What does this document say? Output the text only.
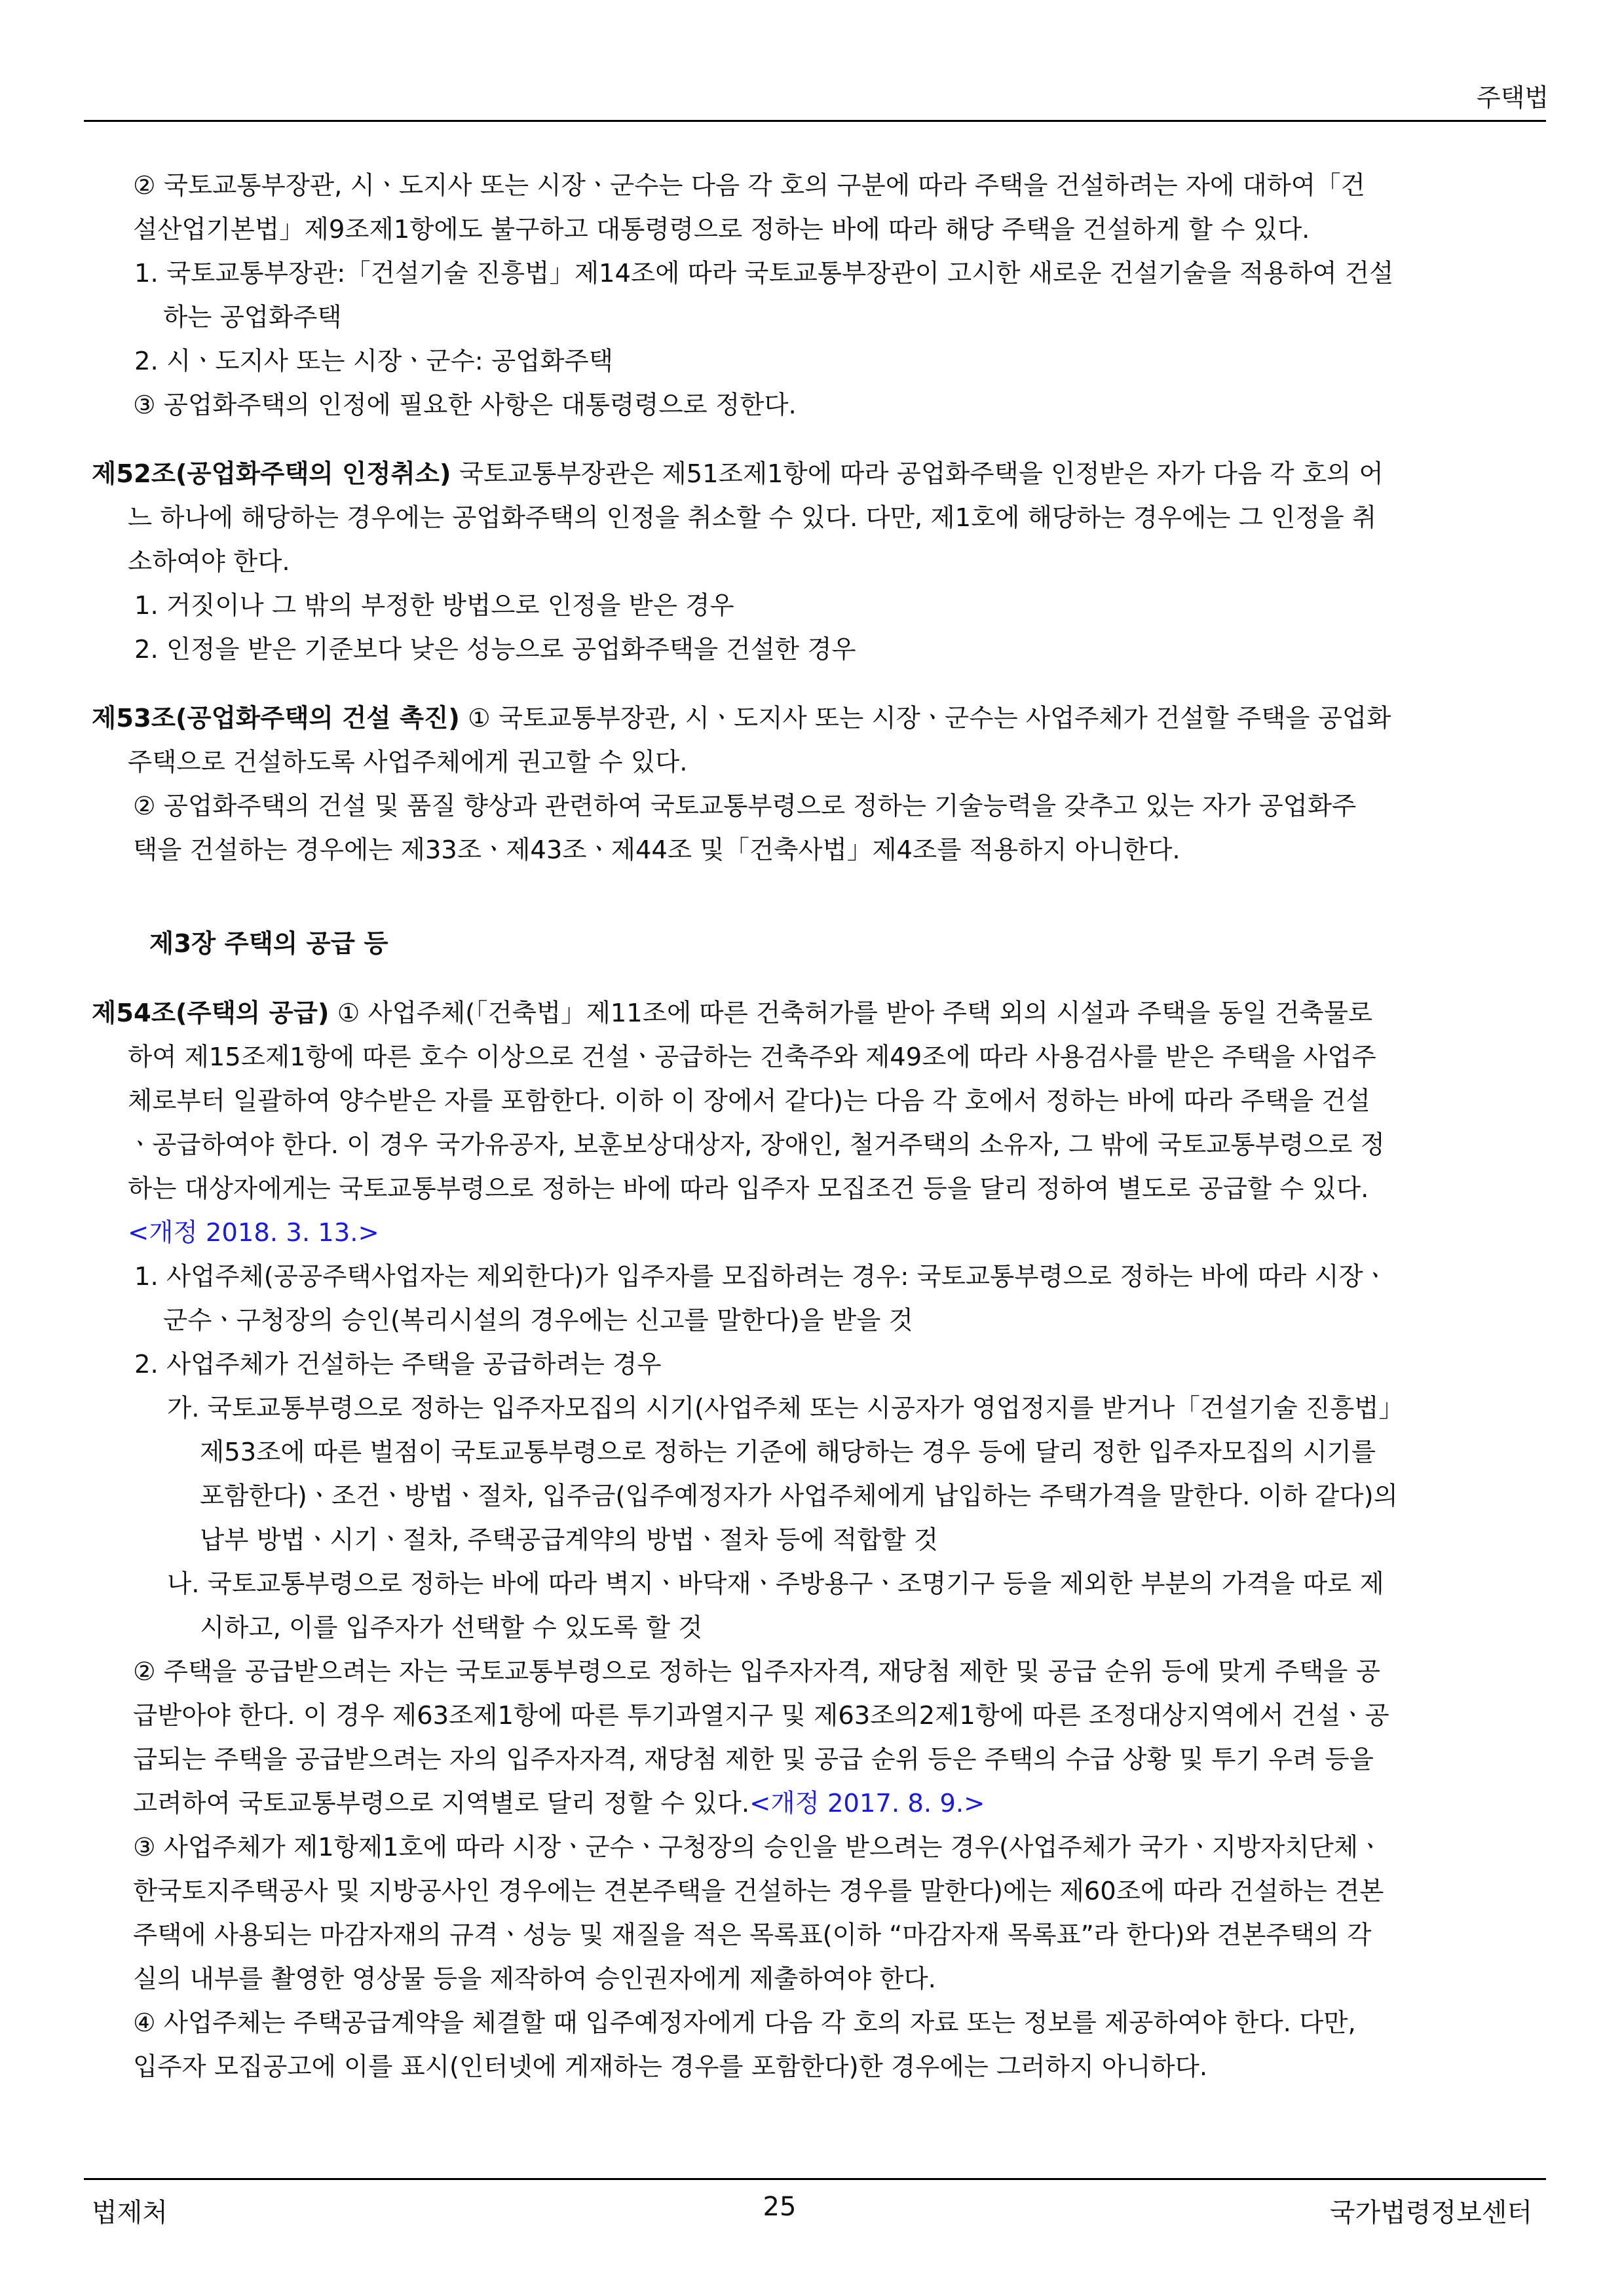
주택법
② 국토교통부장관, 시ㆍ도지사 또는 시장ㆍ군수는 다음 각 호의 구분에 따라 주택을 건설하려는 자에 대하여「건
설산업기본법」제9조제1항에도 불구하고 대통령령으로 정하는 바에 따라 해당 주택을 건설하게 할 수 있다.
1. 국토교통부장관:「건설기술 진흥법」제14조에 따라 국토교통부장관이 고시한 새로운 건설기술을 적용하여 건설
하는 공업화주택
2. 시ㆍ도지사 또는 시장ㆍ군수: 공업화주택
③ 공업화주택의 인정에 필요한 사항은 대통령령으로 정한다.
제52조(공업화주택의 인정취소) 국토교통부장관은 제51조제1항에 따라 공업화주택을 인정받은 자가 다음 각 호의 어
느 하나에 해당하는 경우에는 공업화주택의 인정을 취소할 수 있다. 다만, 제1호에 해당하는 경우에는 그 인정을 취
소하여야 한다.
1. 거짓이나 그 밖의 부정한 방법으로 인정을 받은 경우
2. 인정을 받은 기준보다 낮은 성능으로 공업화주택을 건설한 경우
제53조(공업화주택의 건설 촉진) ① 국토교통부장관, 시ㆍ도지사 또는 시장ㆍ군수는 사업주체가 건설할 주택을 공업화
주택으로 건설하도록 사업주체에게 권고할 수 있다.
② 공업화주택의 건설 및 품질 향상과 관련하여 국토교통부령으로 정하는 기술능력을 갖추고 있는 자가 공업화주
택을 건설하는 경우에는 제33조ㆍ제43조ㆍ제44조 및「건축사법」제4조를 적용하지 아니한다.
제3장 주택의 공급 등
제54조(주택의 공급) ① 사업주체(「건축법」제11조에 따른 건축허가를 받아 주택 외의 시설과 주택을 동일 건축물로
하여 제15조제1항에 따른 호수 이상으로 건설ㆍ공급하는 건축주와 제49조에 따라 사용검사를 받은 주택을 사업주
체로부터 일괄하여 양수받은 자를 포함한다. 이하 이 장에서 같다)는 다음 각 호에서 정하는 바에 따라 주택을 건설
ㆍ공급하여야 한다. 이 경우 국가유공자, 보훈보상대상자, 장애인, 철거주택의 소유자, 그 밖에 국토교통부령으로 정
하는 대상자에게는 국토교통부령으로 정하는 바에 따라 입주자 모집조건 등을 달리 정하여 별도로 공급할 수 있다.
<개정 2018. 3. 13.>
1. 사업주체(공공주택사업자는 제외한다)가 입주자를 모집하려는 경우: 국토교통부령으로 정하는 바에 따라 시장ㆍ
군수ㆍ구청장의 승인(복리시설의 경우에는 신고를 말한다)을 받을 것
2. 사업주체가 건설하는 주택을 공급하려는 경우
가. 국토교통부령으로 정하는 입주자모집의 시기(사업주체 또는 시공자가 영업정지를 받거나「건설기술 진흥법」
제53조에 따른 벌점이 국토교통부령으로 정하는 기준에 해당하는 경우 등에 달리 정한 입주자모집의 시기를
포함한다)ㆍ조건ㆍ방법ㆍ절차, 입주금(입주예정자가 사업주체에게 납입하는 주택가격을 말한다. 이하 같다)의
납부 방법ㆍ시기ㆍ절차, 주택공급계약의 방법ㆍ절차 등에 적합할 것
나. 국토교통부령으로 정하는 바에 따라 벽지ㆍ바닥재ㆍ주방용구ㆍ조명기구 등을 제외한 부분의 가격을 따로 제
시하고, 이를 입주자가 선택할 수 있도록 할 것
② 주택을 공급받으려는 자는 국토교통부령으로 정하는 입주자자격, 재당첨 제한 및 공급 순위 등에 맞게 주택을 공
급받아야 한다. 이 경우 제63조제1항에 따른 투기과열지구 및 제63조의2제1항에 따른 조정대상지역에서 건설ㆍ공
급되는 주택을 공급받으려는 자의 입주자자격, 재당첨 제한 및 공급 순위 등은 주택의 수급 상황 및 투기 우려 등을
고려하여 국토교통부령으로 지역별로 달리 정할 수 있다.<개정 2017. 8. 9.>
③ 사업주체가 제1항제1호에 따라 시장ㆍ군수ㆍ구청장의 승인을 받으려는 경우(사업주체가 국가ㆍ지방자치단체ㆍ
한국토지주택공사 및 지방공사인 경우에는 견본주택을 건설하는 경우를 말한다)에는 제60조에 따라 건설하는 견본
주택에 사용되는 마감자재의 규격ㆍ성능 및 재질을 적은 목록표(이하 “마감자재 목록표”라 한다)와 견본주택의 각
실의 내부를 촬영한 영상물 등을 제작하여 승인권자에게 제출하여야 한다.
④ 사업주체는 주택공급계약을 체결할 때 입주예정자에게 다음 각 호의 자료 또는 정보를 제공하여야 한다. 다만,
입주자 모집공고에 이를 표시(인터넷에 게재하는 경우를 포함한다)한 경우에는 그러하지 아니하다.
법제처	25	국가법령정보센터
